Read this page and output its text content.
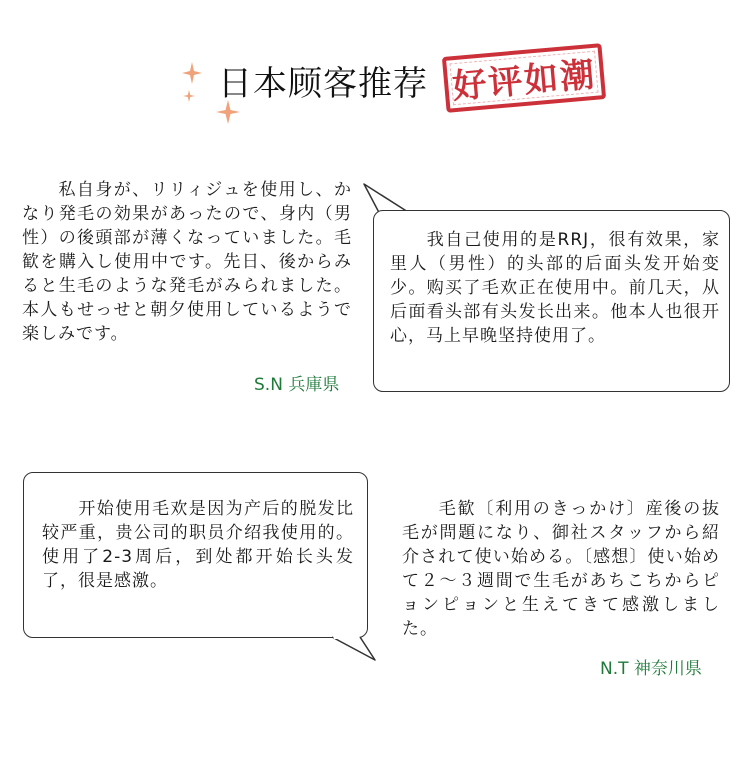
日本顾客推荐 好评如潮
私自身が、リリィジュを使用し、かなり発毛の効果があったので、身内（男性）の後頭部が薄くなっていました。毛歓を購入し使用中です。先日、後からみると生毛のような発毛がみられました。本人もせっせと朝夕使用しているようで楽しみです。
S.N 兵庫県
我自己使用的是RRJ，很有效果，家里人（男性）的头部的后面头发开始变少。购买了毛欢正在使用中。前几天，从后面看头部有头发长出来。他本人也很开心，马上早晚坚持使用了。
开始使用毛欢是因为产后的脱发比较严重，贵公司的职员介绍我使用的。使用了2-3周后，到处都开始长头发了，很是感激。
毛歓〔利用のきっかけ〕産後の抜毛が問題になり、御社スタッフから紹介されて使い始める。〔感想〕使い始めて２～３週間で生毛があちこちからピョンピョンと生えてきて感激しました。
N.T 神奈川県
